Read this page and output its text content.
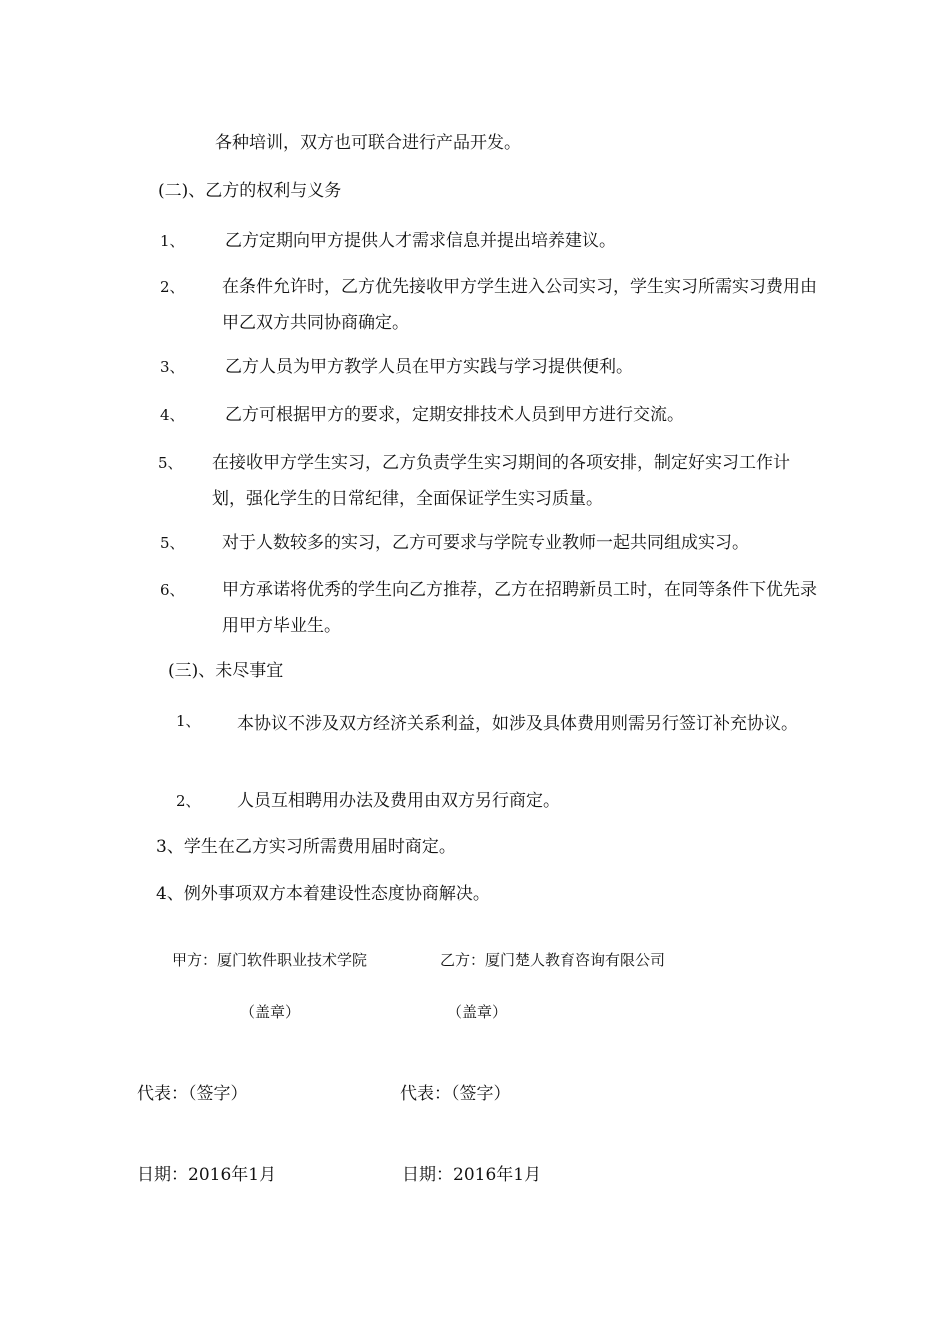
各种培训，双方也可联合进行产品开发。
(二)、乙方的权利与义务
1、 乙方定期向甲方提供人才需求信息并提出培养建议。
2、 在条件允许时，乙方优先接收甲方学生进入公司实习，学生实习所需实习费用由甲乙双方共同协商确定。
3、 乙方人员为甲方教学人员在甲方实践与学习提供便利。
4、 乙方可根据甲方的要求，定期安排技术人员到甲方进行交流。
5、 在接收甲方学生实习，乙方负责学生实习期间的各项安排，制定好实习工作计划，强化学生的日常纪律，全面保证学生实习质量。
5、 对于人数较多的实习，乙方可要求与学院专业教师一起共同组成实习。
6、 甲方承诺将优秀的学生向乙方推荐，乙方在招聘新员工时，在同等条件下优先录用甲方毕业生。
(三)、未尽事宜
1、 本协议不涉及双方经济关系利益，如涉及具体费用则需另行签订补充协议。
2、 人员互相聘用办法及费用由双方另行商定。
3、学生在乙方实习所需费用届时商定。
4、例外事项双方本着建设性态度协商解决。
甲方：厦门软件职业技术学院	乙方：厦门楚人教育咨询有限公司
（盖章）	（盖章）
代表：（签字）	代表：（签字）
日期：2016年1月	日期：2016年1月
